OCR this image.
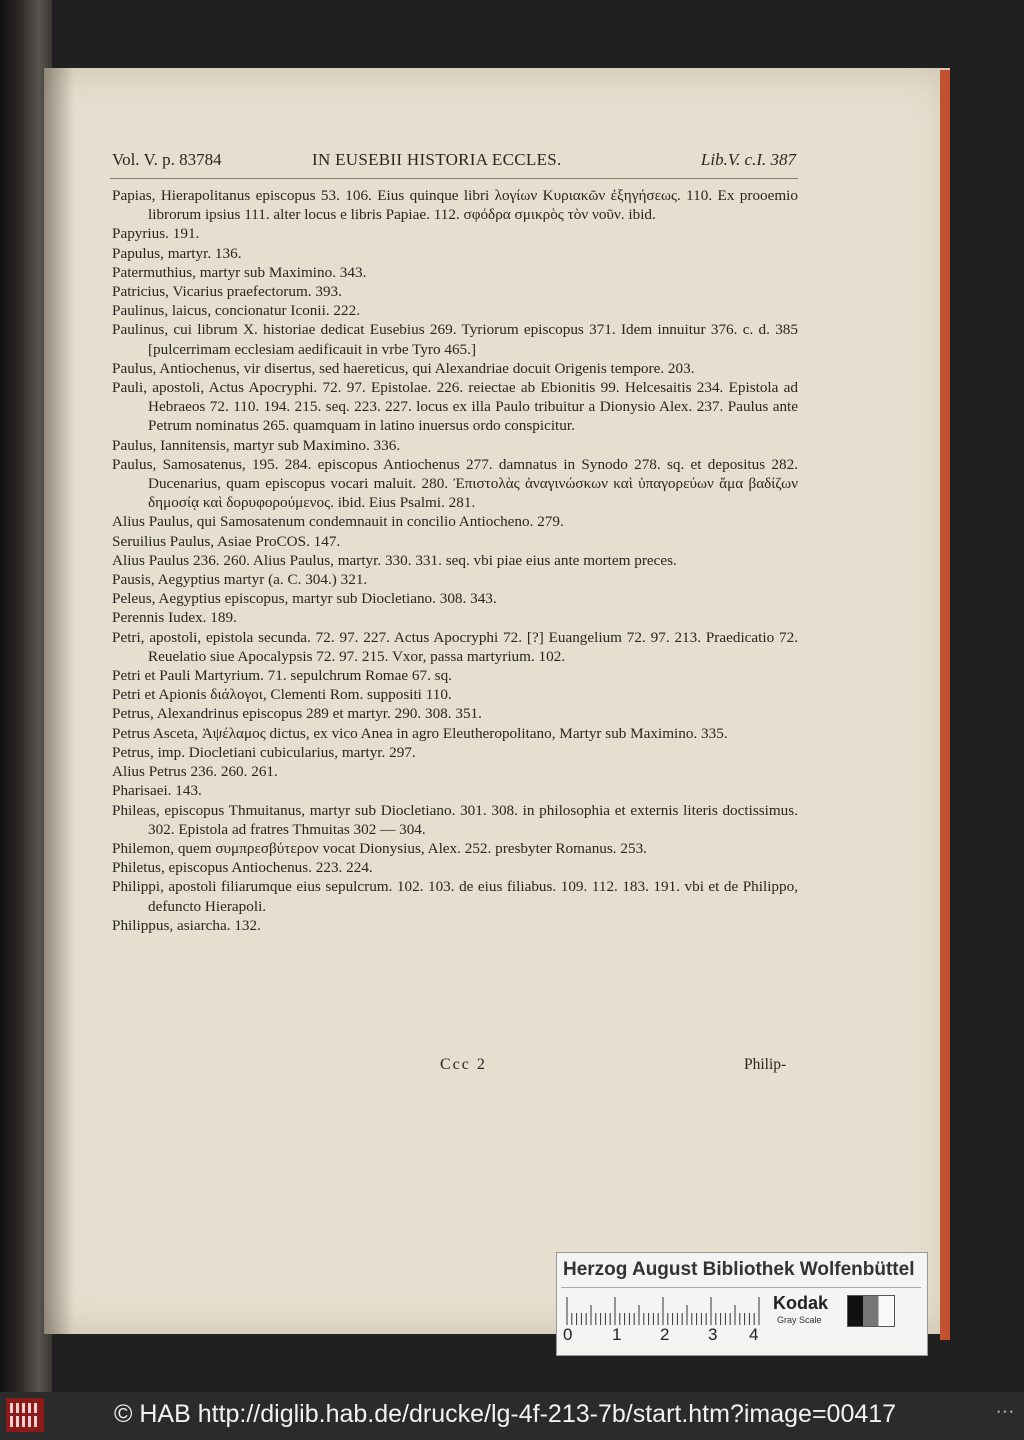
Vol. V. p. 83784	IN EUSEBII HISTORIA ECCLES.	Lib.V. c.I. 387

Papias, Hierapolitanus episcopus 53. 106. Eius quinque libri λογίων Κυριακῶν ἐξηγήσεως. 110. Ex prooemio librorum ipsius 111. alter locus e libris Papiae. 112. σφόδρα σμικρὸς τὸν νοῦν. ibid.

Papyrius. 191.

Papulus, martyr. 136.

Patermuthius, martyr sub Maximino. 343.

Patricius, Vicarius praefectorum. 393.

Paulinus, laicus, concionatur Iconii. 222.

Paulinus, cui librum X. historiae dedicat Eusebius 269. Tyriorum episcopus 371. Idem innuitur 376. c. d. 385 [pulcerrimam ecclesiam aedificauit in vrbe Tyro 465.]

Paulus, Antiochenus, vir disertus, sed haereticus, qui Alexandriae docuit Origenis tempore. 203.

Pauli, apostoli, Actus Apocryphi. 72. 97. Epistolae. 226. reiectae ab Ebionitis 99. Helcesaitis 234. Epistola ad Hebraeos 72. 110. 194. 215. seq. 223. 227. locus ex illa Paulo tribuitur a Dionysio Alex. 237. Paulus ante Petrum nominatus 265. quamquam in latino inuersus ordo conspicitur.

Paulus, Iannitensis, martyr sub Maximino. 336.

Paulus, Samosatenus, 195. 284. episcopus Antiochenus 277. damnatus in Synodo 278. sq. et depositus 282. Ducenarius, quam episcopus vocari maluit. 280. Ἐπιστολὰς ἀναγινώσκων καὶ ὑπαγορεύων ἅμα βαδίζων δημοσίᾳ καὶ δορυφορούμενος. ibid. Eius Psalmi. 281.

Alius Paulus, qui Samosatenum condemnauit in concilio Antiocheno. 279.

Seruilius Paulus, Asiae ProCOS. 147.

Alius Paulus 236. 260. Alius Paulus, martyr. 330. 331. seq. vbi piae eius ante mortem preces.

Pausis, Aegyptius martyr (a. C. 304.) 321.

Peleus, Aegyptius episcopus, martyr sub Diocletiano. 308. 343.

Perennis Iudex. 189.

Petri, apostoli, epistola secunda. 72. 97. 227. Actus Apocryphi 72. [?] Euangelium 72. 97. 213. Praedicatio 72. Reuelatio siue Apocalypsis 72. 97. 215. Vxor, passa martyrium. 102.

Petri et Pauli Martyrium. 71. sepulchrum Romae 67. sq.

Petri et Apionis διάλογοι, Clementi Rom. suppositi 110.

Petrus, Alexandrinus episcopus 289 et martyr. 290. 308. 351.

Petrus Asceta, Ἀψέλαμος dictus, ex vico Anea in agro Eleutheropolitano, Martyr sub Maximino. 335.

Petrus, imp. Diocletiani cubicularius, martyr. 297.

Alius Petrus 236. 260. 261.

Pharisaei. 143.

Phileas, episcopus Thmuitanus, martyr sub Diocletiano. 301. 308. in philosophia et externis literis doctissimus. 302. Epistola ad fratres Thmuitas 302 — 304.

Philemon, quem συμπρεσβύτερον vocat Dionysius, Alex. 252. presbyter Romanus. 253.

Philetus, episcopus Antiochenus. 223. 224.

Philippi, apostoli filiarumque eius sepulcrum. 102. 103. de eius filiabus. 109. 112. 183. 191. vbi et de Philippo, defuncto Hierapoli.

Philippus, asiarcha. 132.

Ccc 2	Philip-
Herzog August Bibliothek Wolfenbüttel
0 1 2 3 4
Kodak
Gray Scale
© HAB http://diglib.hab.de/drucke/lg-4f-213-7b/start.htm?image=00417	•••
